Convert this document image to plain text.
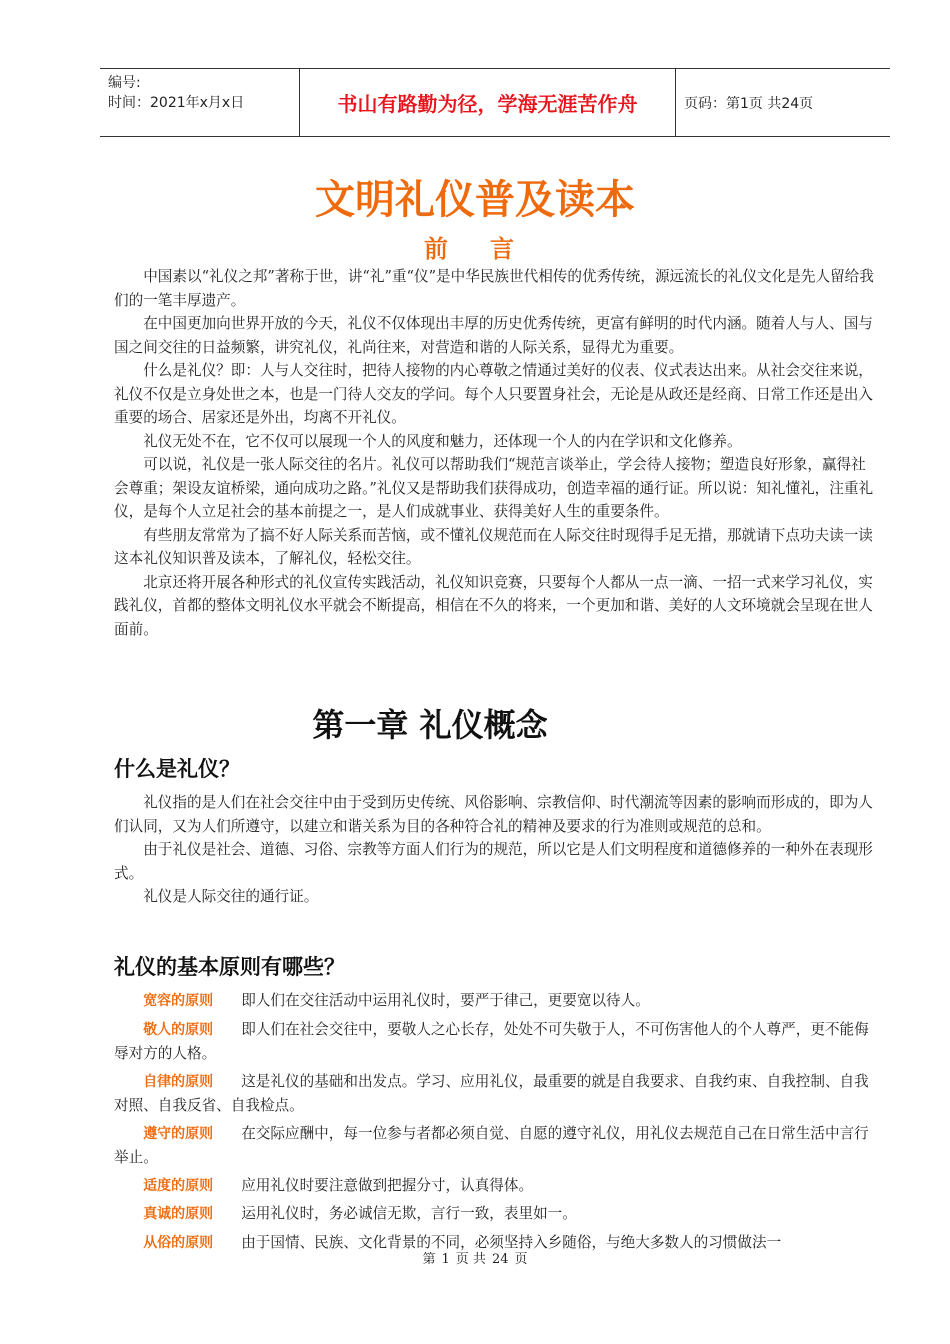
编号:
时间：2021年x月x日	书山有路勤为径，学海无涯苦作舟	页码：第1页 共24页
文明礼仪普及读本
前言

中国素以“礼仪之邦”著称于世，讲“礼”重“仪”是中华民族世代相传的优秀传统，源远流长的礼仪文化是先人留给我们的一笔丰厚遗产。

在中国更加向世界开放的今天，礼仪不仅体现出丰厚的历史优秀传统，更富有鲜明的时代内涵。随着人与人、国与国之间交往的日益频繁，讲究礼仪，礼尚往来，对营造和谐的人际关系，显得尤为重要。

什么是礼仪？即：人与人交往时，把待人接物的内心尊敬之情通过美好的仪表、仪式表达出来。从社会交往来说，礼仪不仅是立身处世之本，也是一门待人交友的学问。每个人只要置身社会，无论是从政还是经商、日常工作还是出入重要的场合、居家还是外出，均离不开礼仪。

礼仪无处不在，它不仅可以展现一个人的风度和魅力，还体现一个人的内在学识和文化修养。

可以说，礼仪是一张人际交往的名片。礼仪可以帮助我们“规范言谈举止，学会待人接物；塑造良好形象，赢得社会尊重；架设友谊桥梁，通向成功之路。”礼仪又是帮助我们获得成功，创造幸福的通行证。所以说：知礼懂礼，注重礼仪，是每个人立足社会的基本前提之一，是人们成就事业、获得美好人生的重要条件。

有些朋友常常为了搞不好人际关系而苦恼，或不懂礼仪规范而在人际交往时现得手足无措，那就请下点功夫读一读这本礼仪知识普及读本，了解礼仪，轻松交往。

北京还将开展各种形式的礼仪宣传实践活动，礼仪知识竞赛，只要每个人都从一点一滴、一招一式来学习礼仪，实践礼仪，首都的整体文明礼仪水平就会不断提高，相信在不久的将来，一个更加和谐、美好的人文环境就会呈现在世人面前。

第一章 礼仪概念
什么是礼仪？

礼仪指的是人们在社会交往中由于受到历史传统、风俗影响、宗教信仰、时代潮流等因素的影响而形成的，即为人们认同，又为人们所遵守，以建立和谐关系为目的各种符合礼的精神及要求的行为准则或规范的总和。

由于礼仪是社会、道德、习俗、宗教等方面人们行为的规范，所以它是人们文明程度和道德修养的一种外在表现形式。

礼仪是人际交往的通行证。

礼仪的基本原则有哪些？

宽容的原则 即人们在交往活动中运用礼仪时，要严于律己，更要宽以待人。

敬人的原则 即人们在社会交往中，要敬人之心长存，处处不可失敬于人，不可伤害他人的个人尊严，更不能侮辱对方的人格。

自律的原则 这是礼仪的基础和出发点。学习、应用礼仪，最重要的就是自我要求、自我约束、自我控制、自我对照、自我反省、自我检点。

遵守的原则 在交际应酬中，每一位参与者都必须自觉、自愿的遵守礼仪，用礼仪去规范自己在日常生活中言行举止。

适度的原则 应用礼仪时要注意做到把握分寸，认真得体。

真诚的原则 运用礼仪时，务必诚信无欺，言行一致，表里如一。

从俗的原则 由于国情、民族、文化背景的不同，必须坚持入乡随俗，与绝大多数人的习惯做法一

第 1 页 共 24 页
